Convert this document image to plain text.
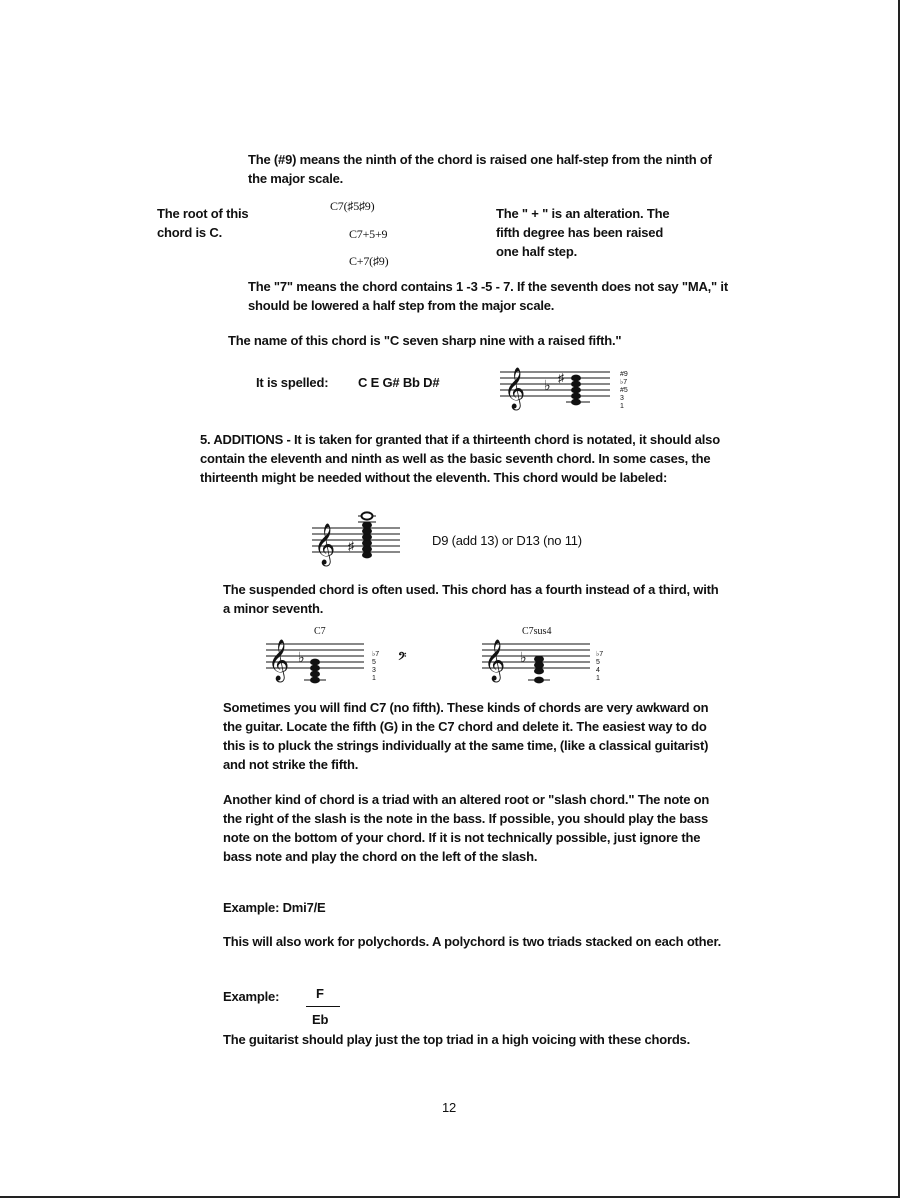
The (#9) means the ninth of the chord is raised one half-step from the ninth of the major scale.

The root of this chord is C.

C7(♯5♯9)
C7+5+9
C+7(♯9)

The " + " is an alteration. The fifth degree has been raised one half step.

The "7" means the chord contains 1 -3 -5 - 7. If the seventh does not say "MA," it should be lowered a half step from the major scale.

The name of this chord is "C seven sharp nine with a raised fifth."

It is spelled: C E G# Bb D# 𝄞 ♭ ♯	#9
♭7
#5
3
1

5. ADDITIONS - It is taken for granted that if a thirteenth chord is notated, it should also contain the eleventh and ninth as well as the basic seventh chord. In some cases, the thirteenth might be needed without the eleventh. This chord would be labeled:

𝄞 ♯	D9 (add 13) or D13 (no 11)

The suspended chord is often used. This chord has a fourth instead of a third, with a minor seventh.

C7
𝄞 ♭	♭7
5
3
1
𝄢
C7sus4
𝄞 ♭	♭7
5
4
1

Sometimes you will find C7 (no fifth). These kinds of chords are very awkward on the guitar. Locate the fifth (G) in the C7 chord and delete it. The easiest way to do this is to pluck the strings individually at the same time, (like a classical guitarist) and not strike the fifth.

Another kind of chord is a triad with an altered root or "slash chord." The note on the right of the slash is the note in the bass. If possible, you should play the bass note on the bottom of your chord. If it is not technically possible, just ignore the bass note and play the chord on the left of the slash.

Example: Dmi7/E

This will also work for polychords. A polychord is two triads stacked on each other.

Example:	F
Eb

The guitarist should play just the top triad in a high voicing with these chords.

12
